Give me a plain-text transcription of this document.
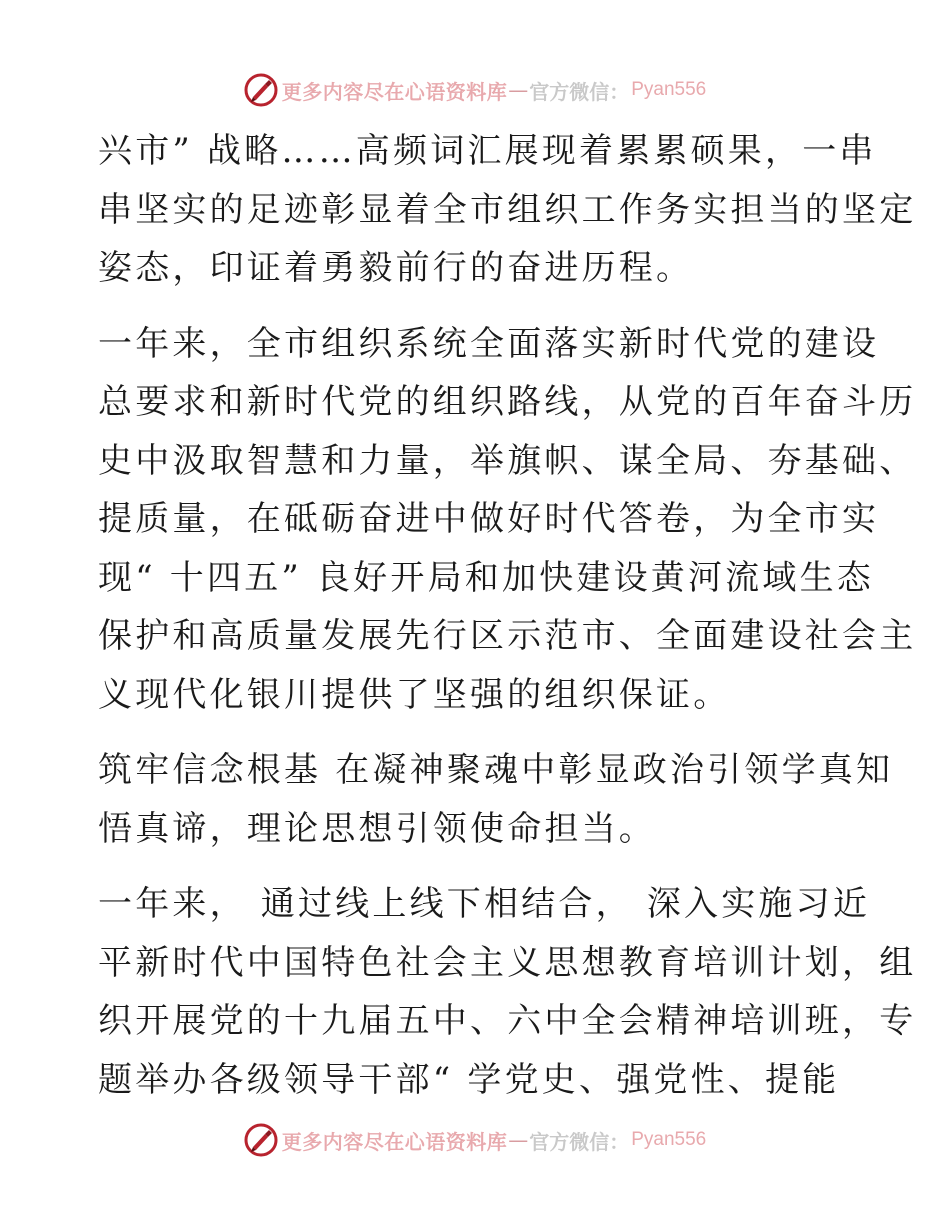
更多内容尽在心语资料库 — 官方微信： Pyan556
兴市” 战略……高频词汇展现着累累硕果，一串
串坚实的足迹彰显着全市组织工作务实担当的坚定
姿态，印证着勇毅前行的奋进历程。
一年来，全市组织系统全面落实新时代党的建设
总要求和新时代党的组织路线，从党的百年奋斗历
史中汲取智慧和力量，举旗帜、谋全局、夯基础、
提质量，在砥砺奋进中做好时代答卷，为全市实
现“ 十四五” 良好开局和加快建设黄河流域生态
保护和高质量发展先行区示范市、全面建设社会主
义现代化银川提供了坚强的组织保证。
筑牢信念根基 在凝神聚魂中彰显政治引领学真知
悟真谛，理论思想引领使命担当。
一年来， 通过线上线下相结合， 深入实施习近
平新时代中国特色社会主义思想教育培训计划，组
织开展党的十九届五中、六中全会精神培训班，专
题举办各级领导干部“ 学党史、强党性、提能
更多内容尽在心语资料库 — 官方微信： Pyan556
